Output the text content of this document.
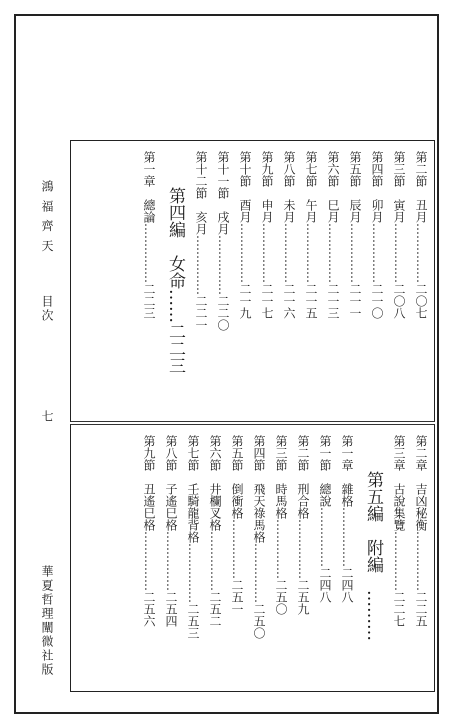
鴻 福 齊 天
目次
七
華夏哲理闡微社版
第二節　丑月……………二〇七
第三節　寅月……………二〇八
第四節　卯月……………二一〇
第五節　辰月……………二一一
第六節　巳月……………二一三
第七節　午月……………二一五
第八節　未月……………二一六
第九節　申月……………二一七
第十節　酉月……………二一九
第十一節　戌月……………二二〇
第十二節　亥月……………二二一
第四編　女命……二二三
第一章　總論……………二二三
第二章　吉凶秘衡……………二二五
第三章　古說集覽……………二二七
第五編　附編　………
第一章　雜格……………二四八
第一節　總說……………二四八
第二節　刑合格……………二五九
第三節　時馬格……………二五〇
第四節　飛天祿馬格……………二五〇
第五節　倒衝格……………二五一
第六節　井欄叉格……………二五二
第七節　壬騎龍背格……………二五三
第八節　子遙巳格……………二五四
第九節　丑遙巳格……………二五六
